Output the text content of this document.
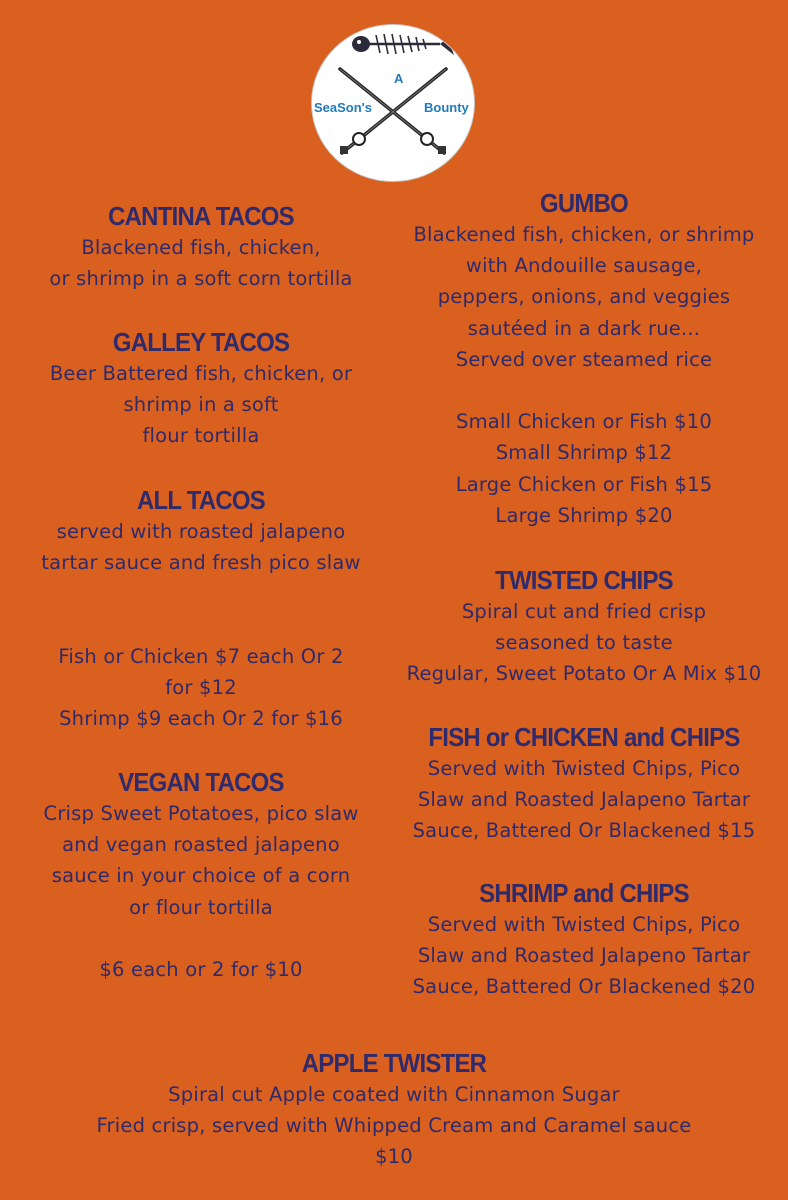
A
SeaSon's	Bounty
CANTINA TACOS
Blackened fish, chicken,
or shrimp in a soft corn tortilla
GALLEY TACOS
Beer Battered fish, chicken, or
shrimp in a soft
flour tortilla
ALL TACOS
served with roasted jalapeno
tartar sauce and fresh pico slaw
Fish or Chicken $7 each Or 2
for $12
Shrimp $9 each Or 2 for $16
VEGAN TACOS
Crisp Sweet Potatoes, pico slaw
and vegan roasted jalapeno
sauce in your choice of a corn
or flour tortilla

$6 each or 2 for $10
GUMBO
Blackened fish, chicken, or shrimp
with Andouille sausage,
peppers, onions, and veggies
sautéed in a dark rue...
Served over steamed rice

Small Chicken or Fish $10
Small Shrimp $12
Large Chicken or Fish $15
Large Shrimp $20
TWISTED CHIPS
Spiral cut and fried crisp
seasoned to taste
Regular, Sweet Potato Or A Mix $10
FISH or CHICKEN and CHIPS
Served with Twisted Chips, Pico
Slaw and Roasted Jalapeno Tartar
Sauce, Battered Or Blackened $15
SHRIMP and CHIPS
Served with Twisted Chips, Pico
Slaw and Roasted Jalapeno Tartar
Sauce, Battered Or Blackened $20
APPLE TWISTER
Spiral cut Apple coated with Cinnamon Sugar
Fried crisp, served with Whipped Cream and Caramel sauce
$10
